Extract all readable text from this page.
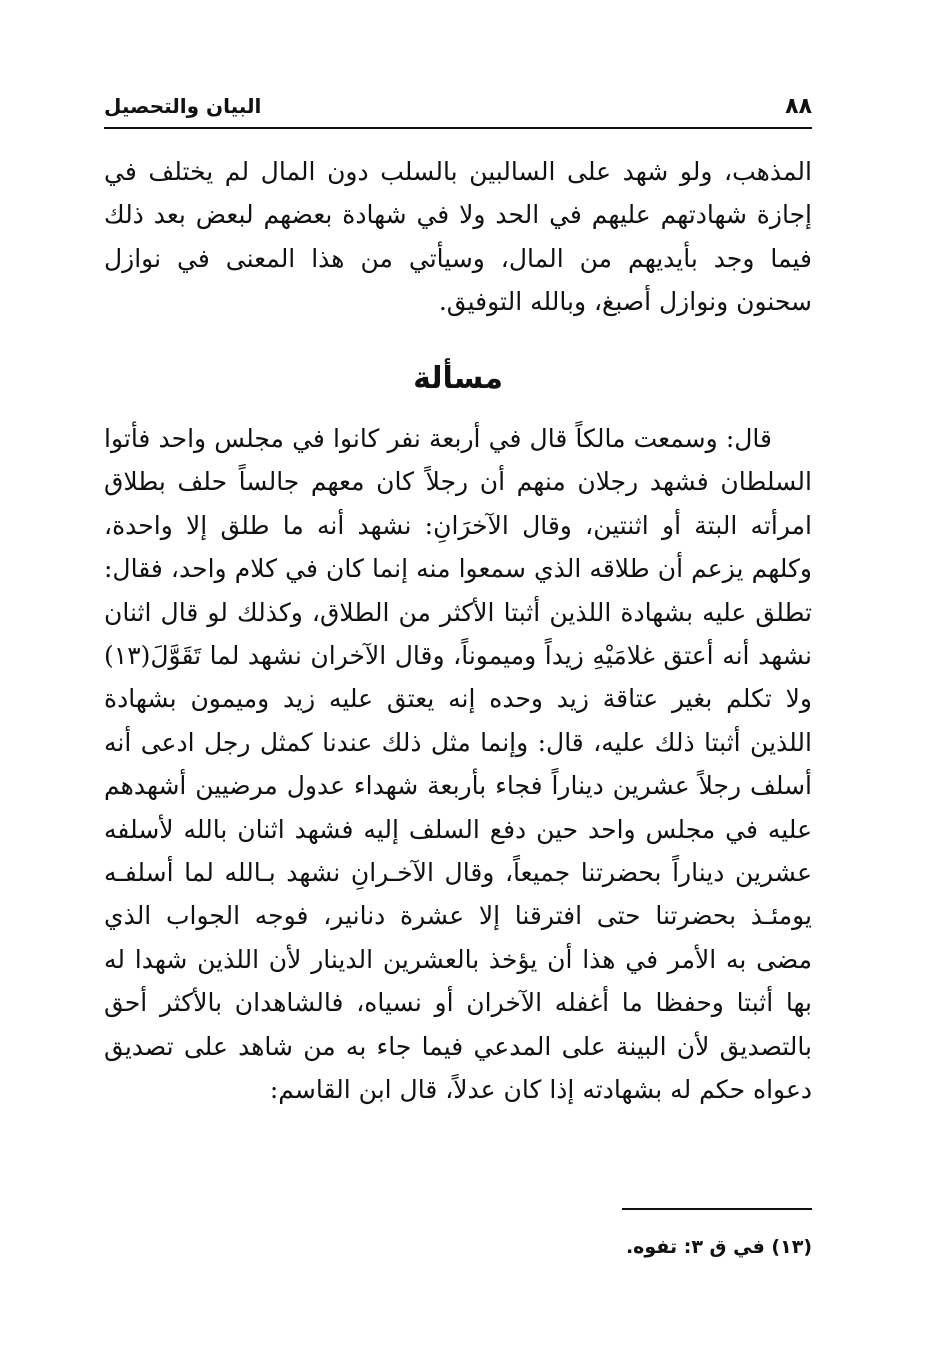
٨٨
البيان والتحصيل

المذهب، ولو شهد على السالبين بالسلب دون المال لم يختلف في إجازة شهادتهم عليهم في الحد ولا في شهادة بعضهم لبعض بعد ذلك فيما وجد بأيديهم من المال، وسيأتي من هذا المعنى في نوازل سحنون ونوازل أصبغ، وبالله التوفيق.

مسألة

قال: وسمعت مالكاً قال في أربعة نفر كانوا في مجلس واحد فأتوا السلطان فشهد رجلان منهم أن رجلاً كان معهم جالساً حلف بطلاق امرأته البتة أو اثنتين، وقال الآخرَانِ: نشهد أنه ما طلق إلا واحدة، وكلهم يزعم أن طلاقه الذي سمعوا منه إنما كان في كلام واحد، فقال: تطلق عليه بشهادة اللذين أثبتا الأكثر من الطلاق، وكذلك لو قال اثنان نشهد أنه أعتق غلامَيْهِ زيداً وميموناً، وقال الآخران نشهد لما تَقَوَّلَ(١٣) ولا تكلم بغير عتاقة زيد وحده إنه يعتق عليه زيد وميمون بشهادة اللذين أثبتا ذلك عليه، قال: وإنما مثل ذلك عندنا كمثل رجل ادعى أنه أسلف رجلاً عشرين ديناراً فجاء بأربعة شهداء عدول مرضيين أشهدهم عليه في مجلس واحد حين دفع السلف إليه فشهد اثنان بالله لأسلفه عشرين ديناراً بحضرتنا جميعاً، وقال الآخـرانِ نشهد بـالله لما أسلفـه يومئـذ بحضرتنا حتى افترقنا إلا عشرة دنانير، فوجه الجواب الذي مضى به الأمر في هذا أن يؤخذ بالعشرين الدينار لأن اللذين شهدا له بها أثبتا وحفظا ما أغفله الآخران أو نسياه، فالشاهدان بالأكثر أحق بالتصديق لأن البينة على المدعي فيما جاء به من شاهد على تصديق دعواه حكم له بشهادته إذا كان عدلاً، قال ابن القاسم:

(١٣) في ق ٣: تفوه.
